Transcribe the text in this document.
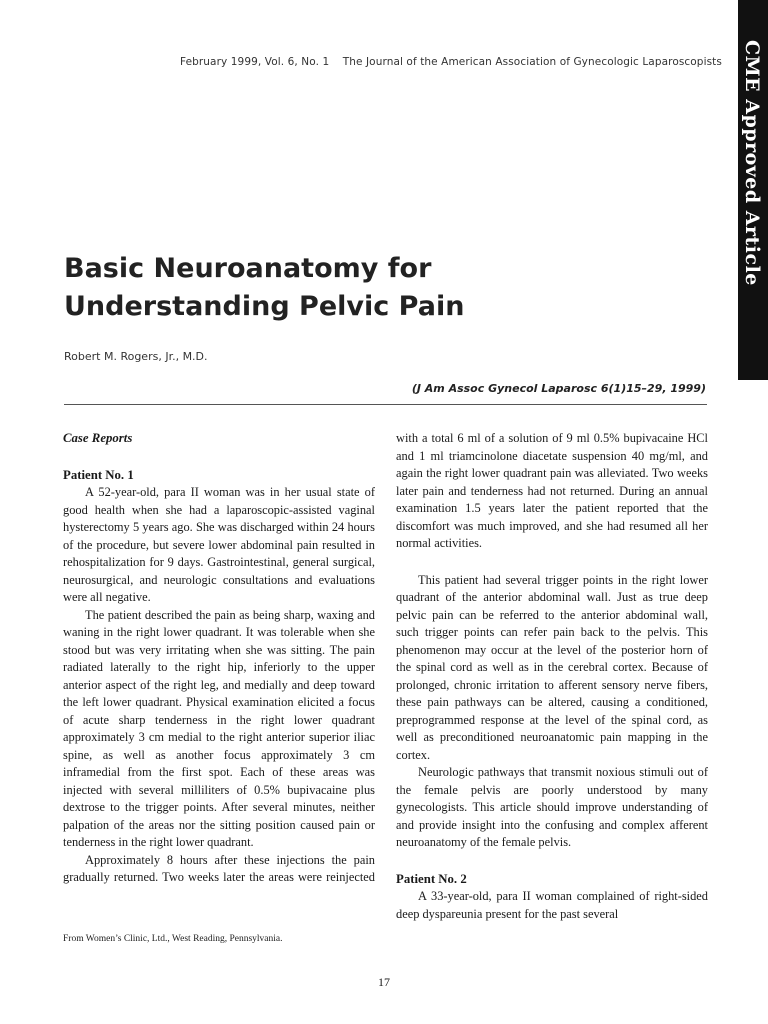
February 1999, Vol. 6, No. 1 The Journal of the American Association of Gynecologic Laparoscopists CME Approved Article
Basic Neuroanatomy for Understanding Pelvic Pain
Robert M. Rogers, Jr., M.D.
(J Am Assoc Gynecol Laparosc 6(1)15–29, 1999)
Case Reports
Patient No. 1

A 52-year-old, para II woman was in her usual state of good health when she had a laparoscopic-assisted vaginal hysterectomy 5 years ago. She was discharged within 24 hours of the procedure, but severe lower abdominal pain resulted in rehospitalization for 9 days. Gastrointestinal, general surgical, neurosurgical, and neurologic consultations and evaluations were all negative.

The patient described the pain as being sharp, waxing and waning in the right lower quadrant. It was tolerable when she stood but was very irritating when she was sitting. The pain radiated laterally to the right hip, inferiorly to the upper anterior aspect of the right leg, and medially and deep toward the left lower quadrant. Physical examination elicited a focus of acute sharp tenderness in the right lower quadrant approximately 3 cm medial to the right anterior superior iliac spine, as well as another focus approximately 3 cm inframedial from the first spot. Each of these areas was injected with several milliliters of 0.5% bupivacaine plus dextrose to the trigger points. After several minutes, neither palpation of the areas nor the sitting position caused pain or tenderness in the right lower quadrant.

Approximately 8 hours after these injections the pain gradually returned. Two weeks later the areas were reinjected

with a total 6 ml of a solution of 9 ml 0.5% bupivacaine HCl and 1 ml triamcinolone diacetate suspension 40 mg/ml, and again the right lower quadrant pain was alleviated. Two weeks later pain and tenderness had not returned. During an annual examination 1.5 years later the patient reported that the discomfort was much improved, and she had resumed all her normal activities.

This patient had several trigger points in the right lower quadrant of the anterior abdominal wall. Just as true deep pelvic pain can be referred to the anterior abdominal wall, such trigger points can refer pain back to the pelvis. This phenomenon may occur at the level of the posterior horn of the spinal cord as well as in the cerebral cortex. Because of prolonged, chronic irritation to afferent sensory nerve fibers, these pain pathways can be altered, causing a conditioned, preprogrammed response at the level of the spinal cord, as well as preconditioned neuroanatomic pain mapping in the cortex.

Neurologic pathways that transmit noxious stimuli out of the female pelvis are poorly understood by many gynecologists. This article should improve understanding of and provide insight into the confusing and complex afferent neuroanatomy of the female pelvis.

Patient No. 2

A 33-year-old, para II woman complained of right-sided deep dyspareunia present for the past several

From Women’s Clinic, Ltd., West Reading, Pennsylvania.
17
